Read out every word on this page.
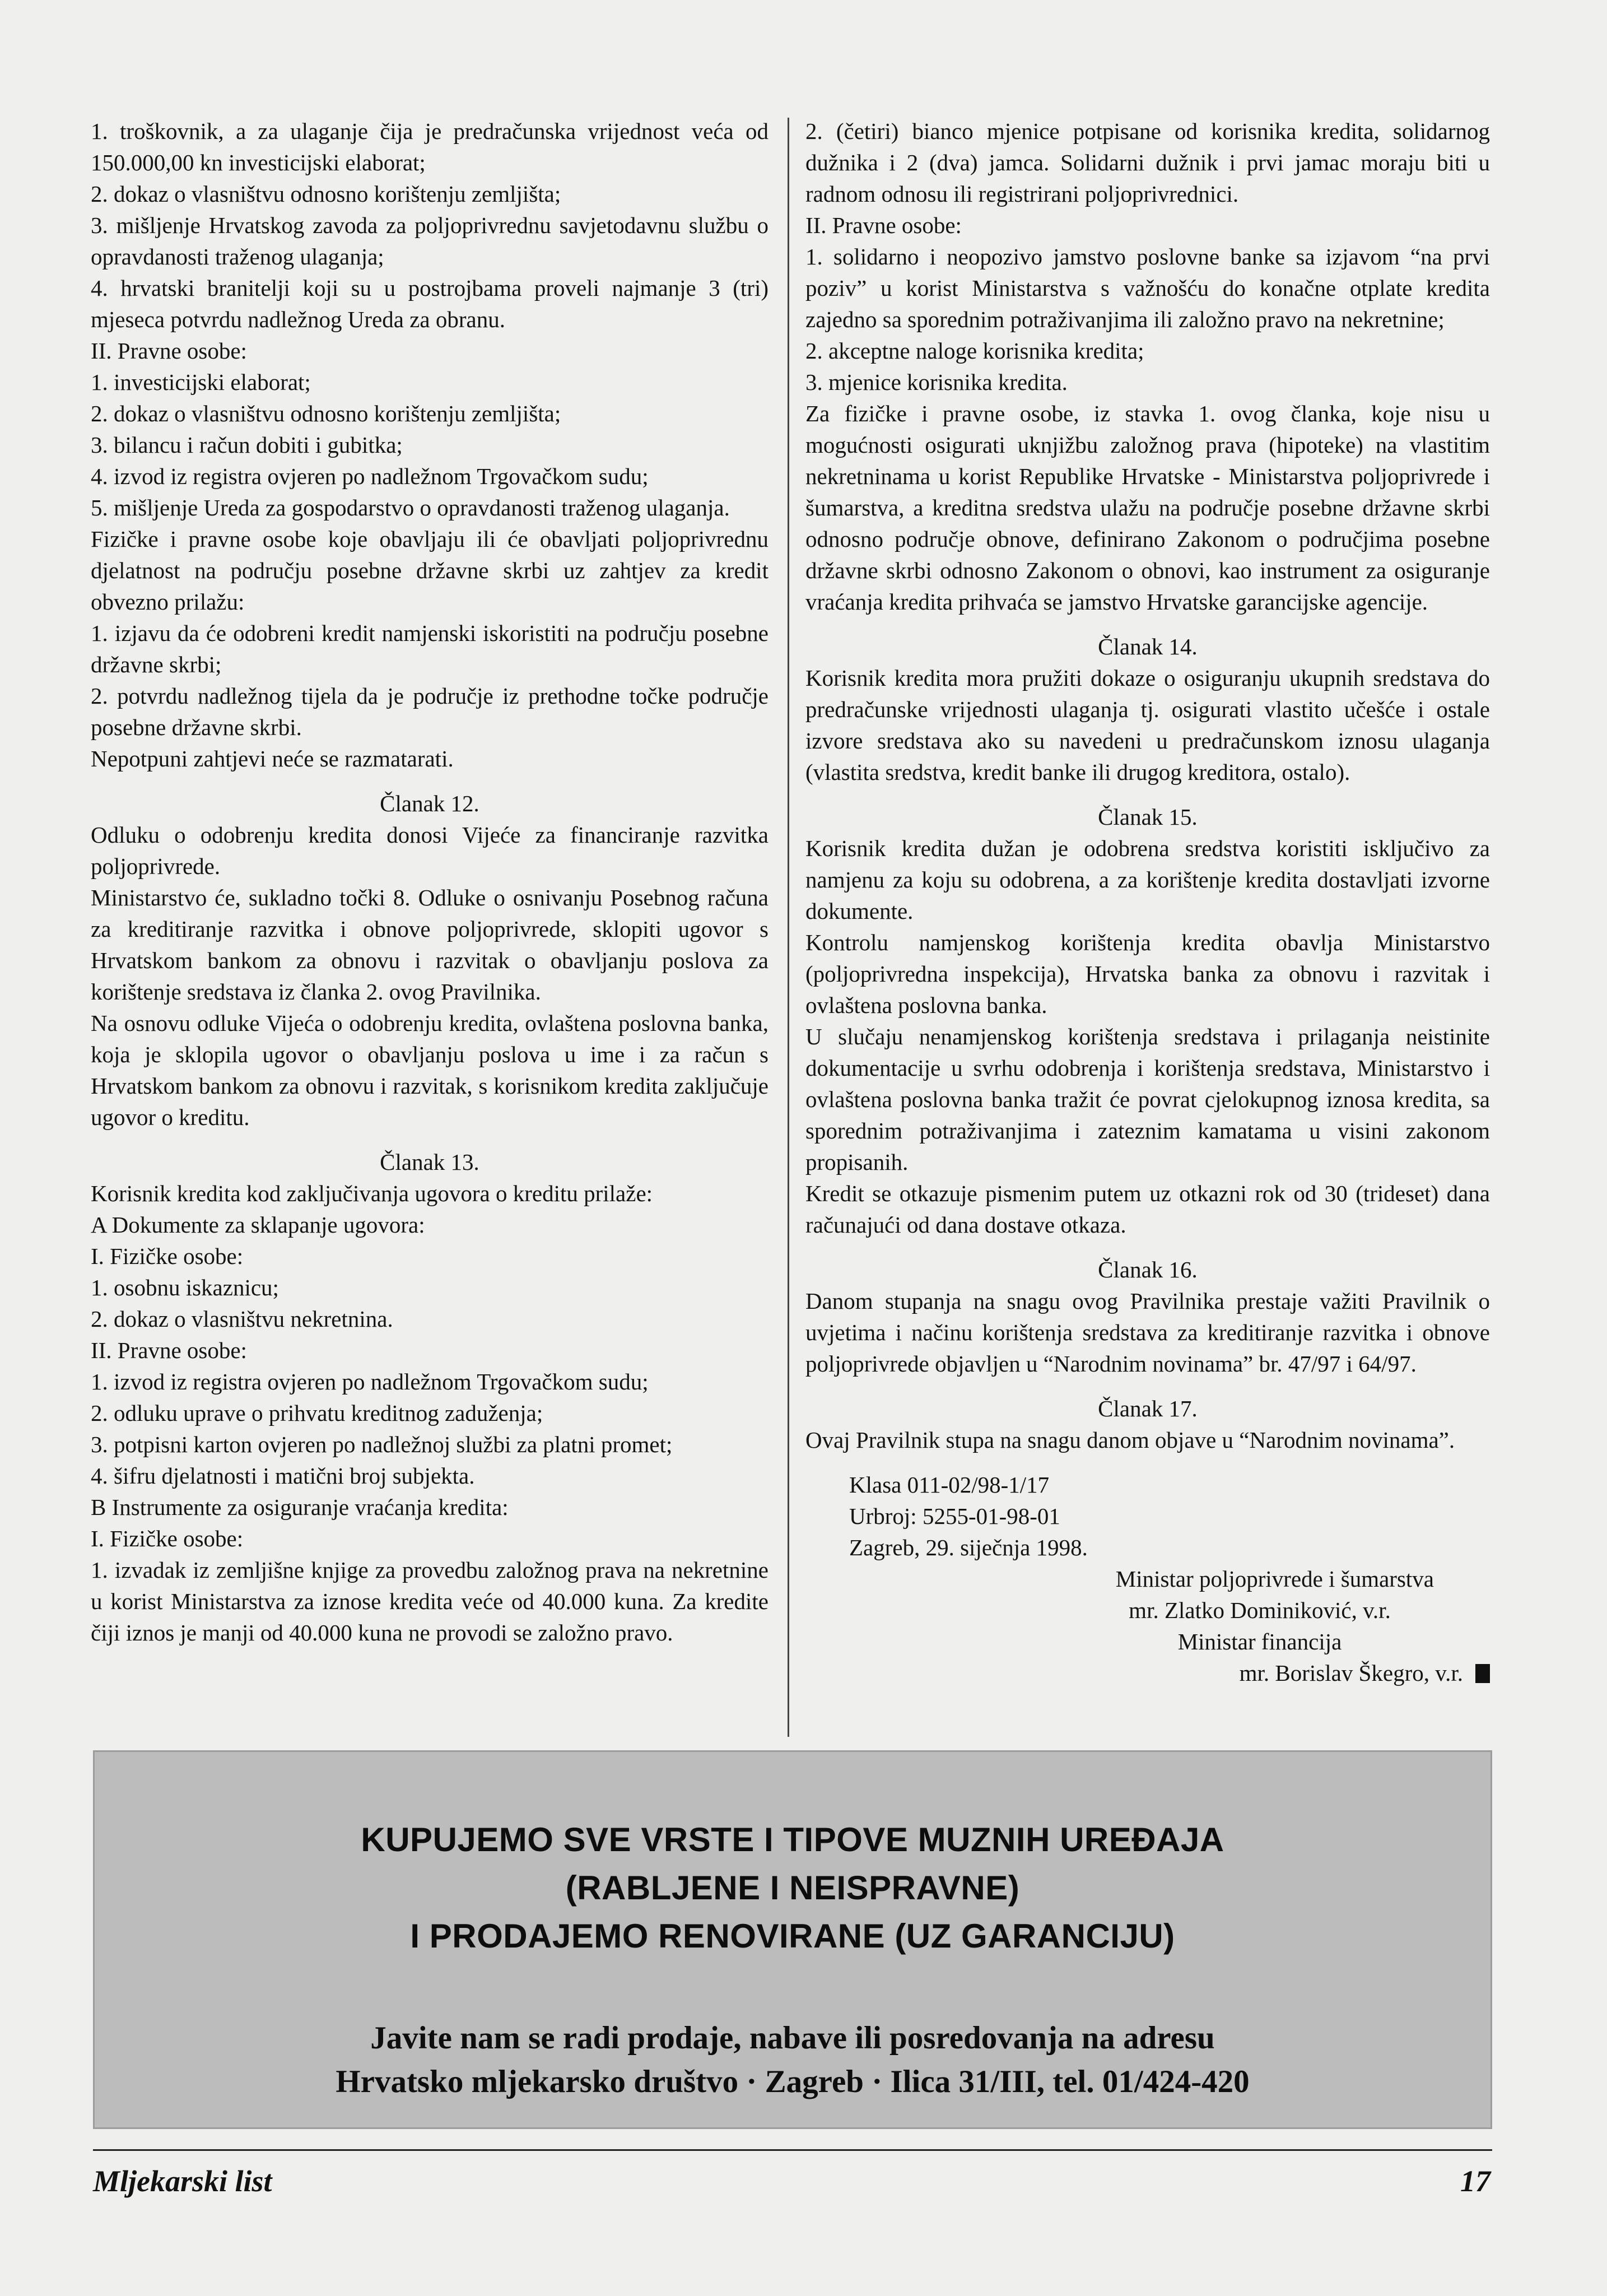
1. troškovnik, a za ulaganje čija je predračunska vrijednost veća od 150.000,00 kn investicijski elaborat;

2. dokaz o vlasništvu odnosno korištenju zemljišta;

3. mišljenje Hrvatskog zavoda za poljoprivrednu savjetodavnu službu o opravdanosti traženog ulaganja;

4. hrvatski branitelji koji su u postrojbama proveli najmanje 3 (tri) mjeseca potvrdu nadležnog Ureda za obranu.

II. Pravne osobe:

1. investicijski elaborat;

2. dokaz o vlasništvu odnosno korištenju zemljišta;

3. bilancu i račun dobiti i gubitka;

4. izvod iz registra ovjeren po nadležnom Trgovačkom sudu;

5. mišljenje Ureda za gospodarstvo o opravdanosti traženog ulaganja.

Fizičke i pravne osobe koje obavljaju ili će obavljati poljoprivrednu djelatnost na području posebne državne skrbi uz zahtjev za kredit obvezno prilažu:

1. izjavu da će odobreni kredit namjenski iskoristiti na području posebne državne skrbi;

2. potvrdu nadležnog tijela da je područje iz prethodne točke područje posebne državne skrbi.

Nepotpuni zahtjevi neće se razmatarati.

Članak 12.

Odluku o odobrenju kredita donosi Vijeće za financiranje razvitka poljoprivrede.

Ministarstvo će, sukladno točki 8. Odluke o osnivanju Posebnog računa za kreditiranje razvitka i obnove poljoprivrede, sklopiti ugovor s Hrvatskom bankom za obnovu i razvitak o obavljanju poslova za korištenje sredstava iz članka 2. ovog Pravilnika.

Na osnovu odluke Vijeća o odobrenju kredita, ovlaštena poslovna banka, koja je sklopila ugovor o obavljanju poslova u ime i za račun s Hrvatskom bankom za obnovu i razvitak, s korisnikom kredita zaključuje ugovor o kreditu.

Članak 13.

Korisnik kredita kod zaključivanja ugovora o kreditu prilaže:

A Dokumente za sklapanje ugovora:

I. Fizičke osobe:

1. osobnu iskaznicu;

2. dokaz o vlasništvu nekretnina.

II. Pravne osobe:

1. izvod iz registra ovjeren po nadležnom Trgovačkom sudu;

2. odluku uprave o prihvatu kreditnog zaduženja;

3. potpisni karton ovjeren po nadležnoj službi za platni promet;

4. šifru djelatnosti i matični broj subjekta.

B Instrumente za osiguranje vraćanja kredita:

I. Fizičke osobe:

1. izvadak iz zemljišne knjige za provedbu založnog prava na nekretnine u korist Ministarstva za iznose kredita veće od 40.000 kuna. Za kredite čiji iznos je manji od 40.000 kuna ne provodi se založno pravo.

2. (četiri) bianco mjenice potpisane od korisnika kredita, solidarnog dužnika i 2 (dva) jamca. Solidarni dužnik i prvi jamac moraju biti u radnom odnosu ili registrirani poljoprivrednici.

II. Pravne osobe:

1. solidarno i neopozivo jamstvo poslovne banke sa izjavom “na prvi poziv” u korist Ministarstva s važnošću do konačne otplate kredita zajedno sa sporednim potraživanjima ili založno pravo na nekretnine;

2. akceptne naloge korisnika kredita;

3. mjenice korisnika kredita.

Za fizičke i pravne osobe, iz stavka 1. ovog članka, koje nisu u mogućnosti osigurati uknjižbu založnog prava (hipoteke) na vlastitim nekretninama u korist Republike Hrvatske - Ministarstva poljoprivrede i šumarstva, a kreditna sredstva ulažu na područje posebne državne skrbi odnosno područje obnove, definirano Zakonom o područjima posebne državne skrbi odnosno Zakonom o obnovi, kao instrument za osiguranje vraćanja kredita prihvaća se jamstvo Hrvatske garancijske agencije.

Članak 14.

Korisnik kredita mora pružiti dokaze o osiguranju ukupnih sredstava do predračunske vrijednosti ulaganja tj. osigurati vlastito učešće i ostale izvore sredstava ako su navedeni u predračunskom iznosu ulaganja (vlastita sredstva, kredit banke ili drugog kreditora, ostalo).

Članak 15.

Korisnik kredita dužan je odobrena sredstva koristiti isključivo za namjenu za koju su odobrena, a za korištenje kredita dostavljati izvorne dokumente.

Kontrolu namjenskog korištenja kredita obavlja Ministarstvo (poljoprivredna inspekcija), Hrvatska banka za obnovu i razvitak i ovlaštena poslovna banka.

U slučaju nenamjenskog korištenja sredstava i prilaganja neistinite dokumentacije u svrhu odobrenja i korištenja sredstava, Ministarstvo i ovlaštena poslovna banka tražit će povrat cjelokupnog iznosa kredita, sa sporednim potraživanjima i zateznim kamatama u visini zakonom propisanih.

Kredit se otkazuje pismenim putem uz otkazni rok od 30 (trideset) dana računajući od dana dostave otkaza.

Članak 16.

Danom stupanja na snagu ovog Pravilnika prestaje važiti Pravilnik o uvjetima i načinu korištenja sredstava za kreditiranje razvitka i obnove poljoprivrede objavljen u “Narodnim novinama” br. 47/97 i 64/97.

Članak 17.

Ovaj Pravilnik stupa na snagu danom objave u “Narodnim novinama”.

Klasa 011-02/98-1/17

Urbroj: 5255-01-98-01

Zagreb, 29. siječnja 1998.

Ministar poljoprivrede i šumarstva

mr. Zlatko Dominiković, v.r.

Ministar financija

mr. Borislav Škegro, v.r.

KUPUJEMO SVE VRSTE I TIPOVE MUZNIH UREĐAJA
(RABLJENE I NEISPRAVNE)
I PRODAJEMO RENOVIRANE (UZ GARANCIJU)
Javite nam se radi prodaje, nabave ili posredovanja na adresu
Hrvatsko mljekarsko društvo · Zagreb · Ilica 31/III, tel. 01/424-420
Mljekarski list	17
